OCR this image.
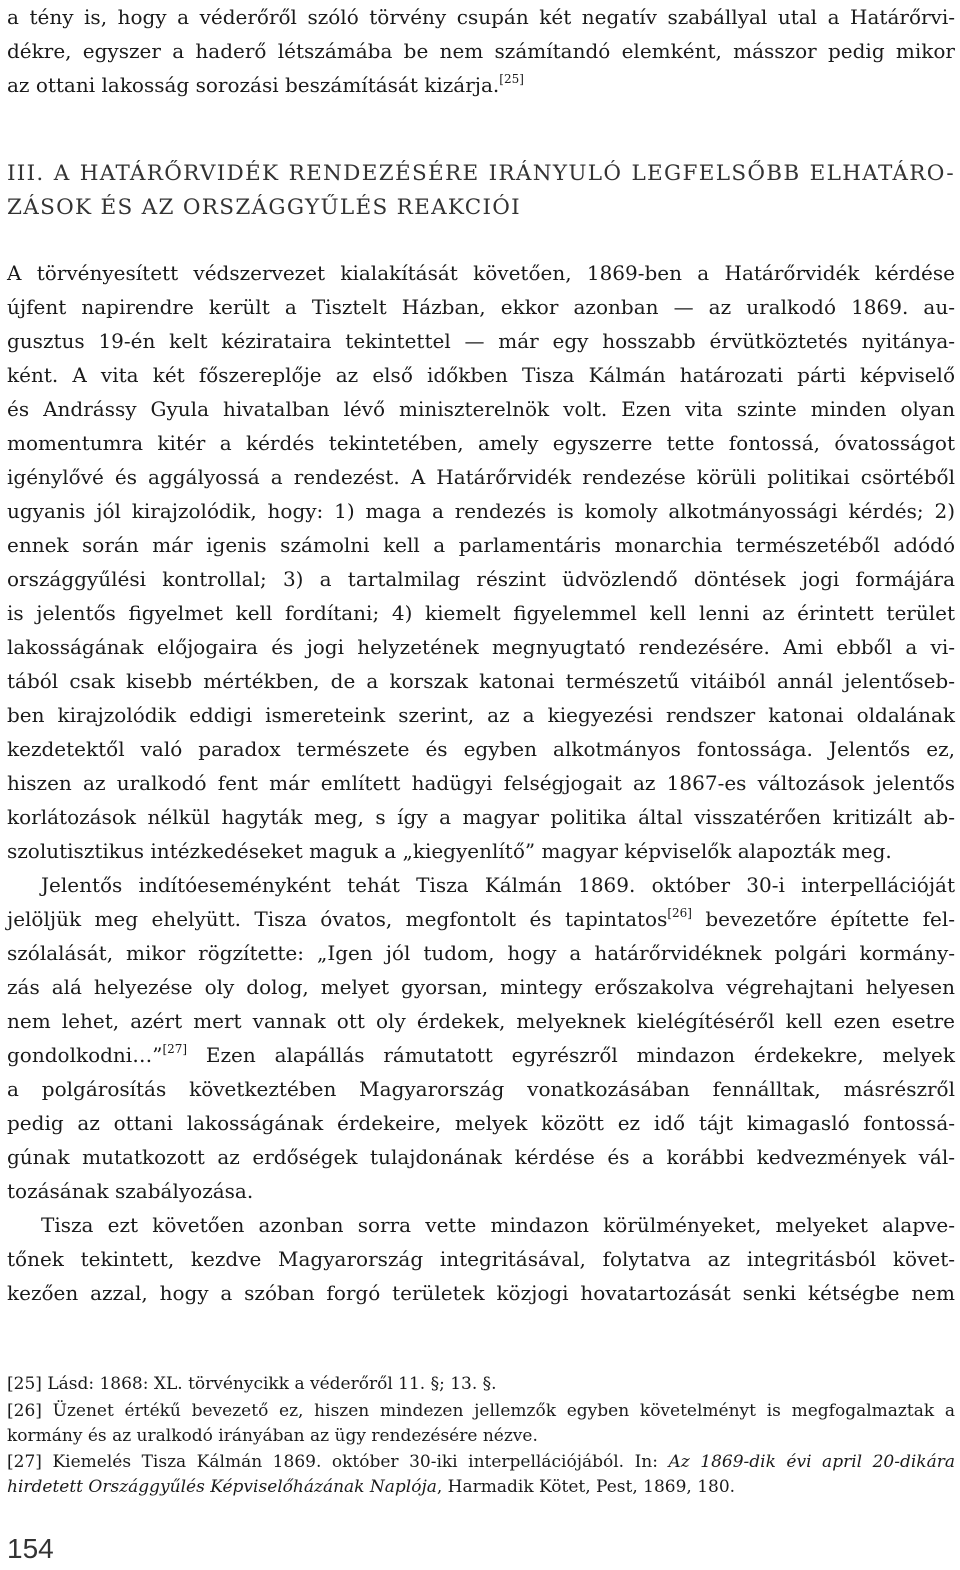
a tény is, hogy a véderőről szóló törvény csupán két negatív szabállyal utal a Határőrvi-
dékre, egyszer a haderő létszámába be nem számítandó elemként, másszor pedig mikor
az ottani lakosság sorozási beszámítását kizárja.[25]
III. A HATÁRŐRVIDÉK RENDEZÉSÉRE IRÁNYULÓ LEGFELSŐBB ELHATÁRO-
ZÁSOK ÉS AZ ORSZÁGGYŰLÉS REAKCIÓI
A törvényesített védszervezet kialakítását követően, 1869-ben a Határőrvidék kérdése
újfent napirendre került a Tisztelt Házban, ekkor azonban — az uralkodó 1869. au-
gusztus 19-én kelt kézirataira tekintettel — már egy hosszabb érvütköztetés nyitánya-
ként. A vita két főszereplője az első időkben Tisza Kálmán határozati párti képviselő
és Andrássy Gyula hivatalban lévő miniszterelnök volt. Ezen vita szinte minden olyan
momentumra kitér a kérdés tekintetében, amely egyszerre tette fontossá, óvatosságot
igénylővé és aggályossá a rendezést. A Határőrvidék rendezése körüli politikai csörtéből
ugyanis jól kirajzolódik, hogy: 1) maga a rendezés is komoly alkotmányossági kérdés; 2)
ennek során már igenis számolni kell a parlamentáris monarchia természetéből adódó
országgyűlési kontrollal; 3) a tartalmilag részint üdvözlendő döntések jogi formájára
is jelentős figyelmet kell fordítani; 4) kiemelt figyelemmel kell lenni az érintett terület
lakosságának előjogaira és jogi helyzetének megnyugtató rendezésére. Ami ebből a vi-
tából csak kisebb mértékben, de a korszak katonai természetű vitáiból annál jelentőseb-
ben kirajzolódik eddigi ismereteink szerint, az a kiegyezési rendszer katonai oldalának
kezdetektől való paradox természete és egyben alkotmányos fontossága. Jelentős ez,
hiszen az uralkodó fent már említett hadügyi felségjogait az 1867-es változások jelentős
korlátozások nélkül hagyták meg, s így a magyar politika által visszatérően kritizált ab-
szolutisztikus intézkedéseket maguk a „kiegyenlítő” magyar képviselők alapozták meg.
Jelentős indítóeseményként tehát Tisza Kálmán 1869. október 30-i interpellációját
jelöljük meg ehelyütt. Tisza óvatos, megfontolt és tapintatos[26] bevezetőre építette fel-
szólalását, mikor rögzítette: „Igen jól tudom, hogy a határőrvidéknek polgári kormány-
zás alá helyezése oly dolog, melyet gyorsan, mintegy erőszakolva végrehajtani helyesen
nem lehet, azért mert vannak ott oly érdekek, melyeknek kielégítéséről kell ezen esetre
gondolkodni…”[27] Ezen alapállás rámutatott egyrészről mindazon érdekekre, melyek
a polgárosítás következtében Magyarország vonatkozásában fennálltak, másrészről
pedig az ottani lakosságának érdekeire, melyek között ez idő tájt kimagasló fontossá-
gúnak mutatkozott az erdőségek tulajdonának kérdése és a korábbi kedvezmények vál-
tozásának szabályozása.
Tisza ezt követően azonban sorra vette mindazon körülményeket, melyeket alapve-
tőnek tekintett, kezdve Magyarország integritásával, folytatva az integritásból követ-
kezően azzal, hogy a szóban forgó területek közjogi hovatartozását senki kétségbe nem
[25] Lásd: 1868: XL. törvénycikk a véderőről 11. §; 13. §.
[26] Üzenet értékű bevezető ez, hiszen mindezen jellemzők egyben követelményt is megfogalmaztak a
kormány és az uralkodó irányában az ügy rendezésére nézve.
[27] Kiemelés Tisza Kálmán 1869. október 30-iki interpellációjából. In: Az 1869-dik évi april 20-dikára
hirdetett Országgyűlés Képviselőházának Naplója, Harmadik Kötet, Pest, 1869, 180.
154
